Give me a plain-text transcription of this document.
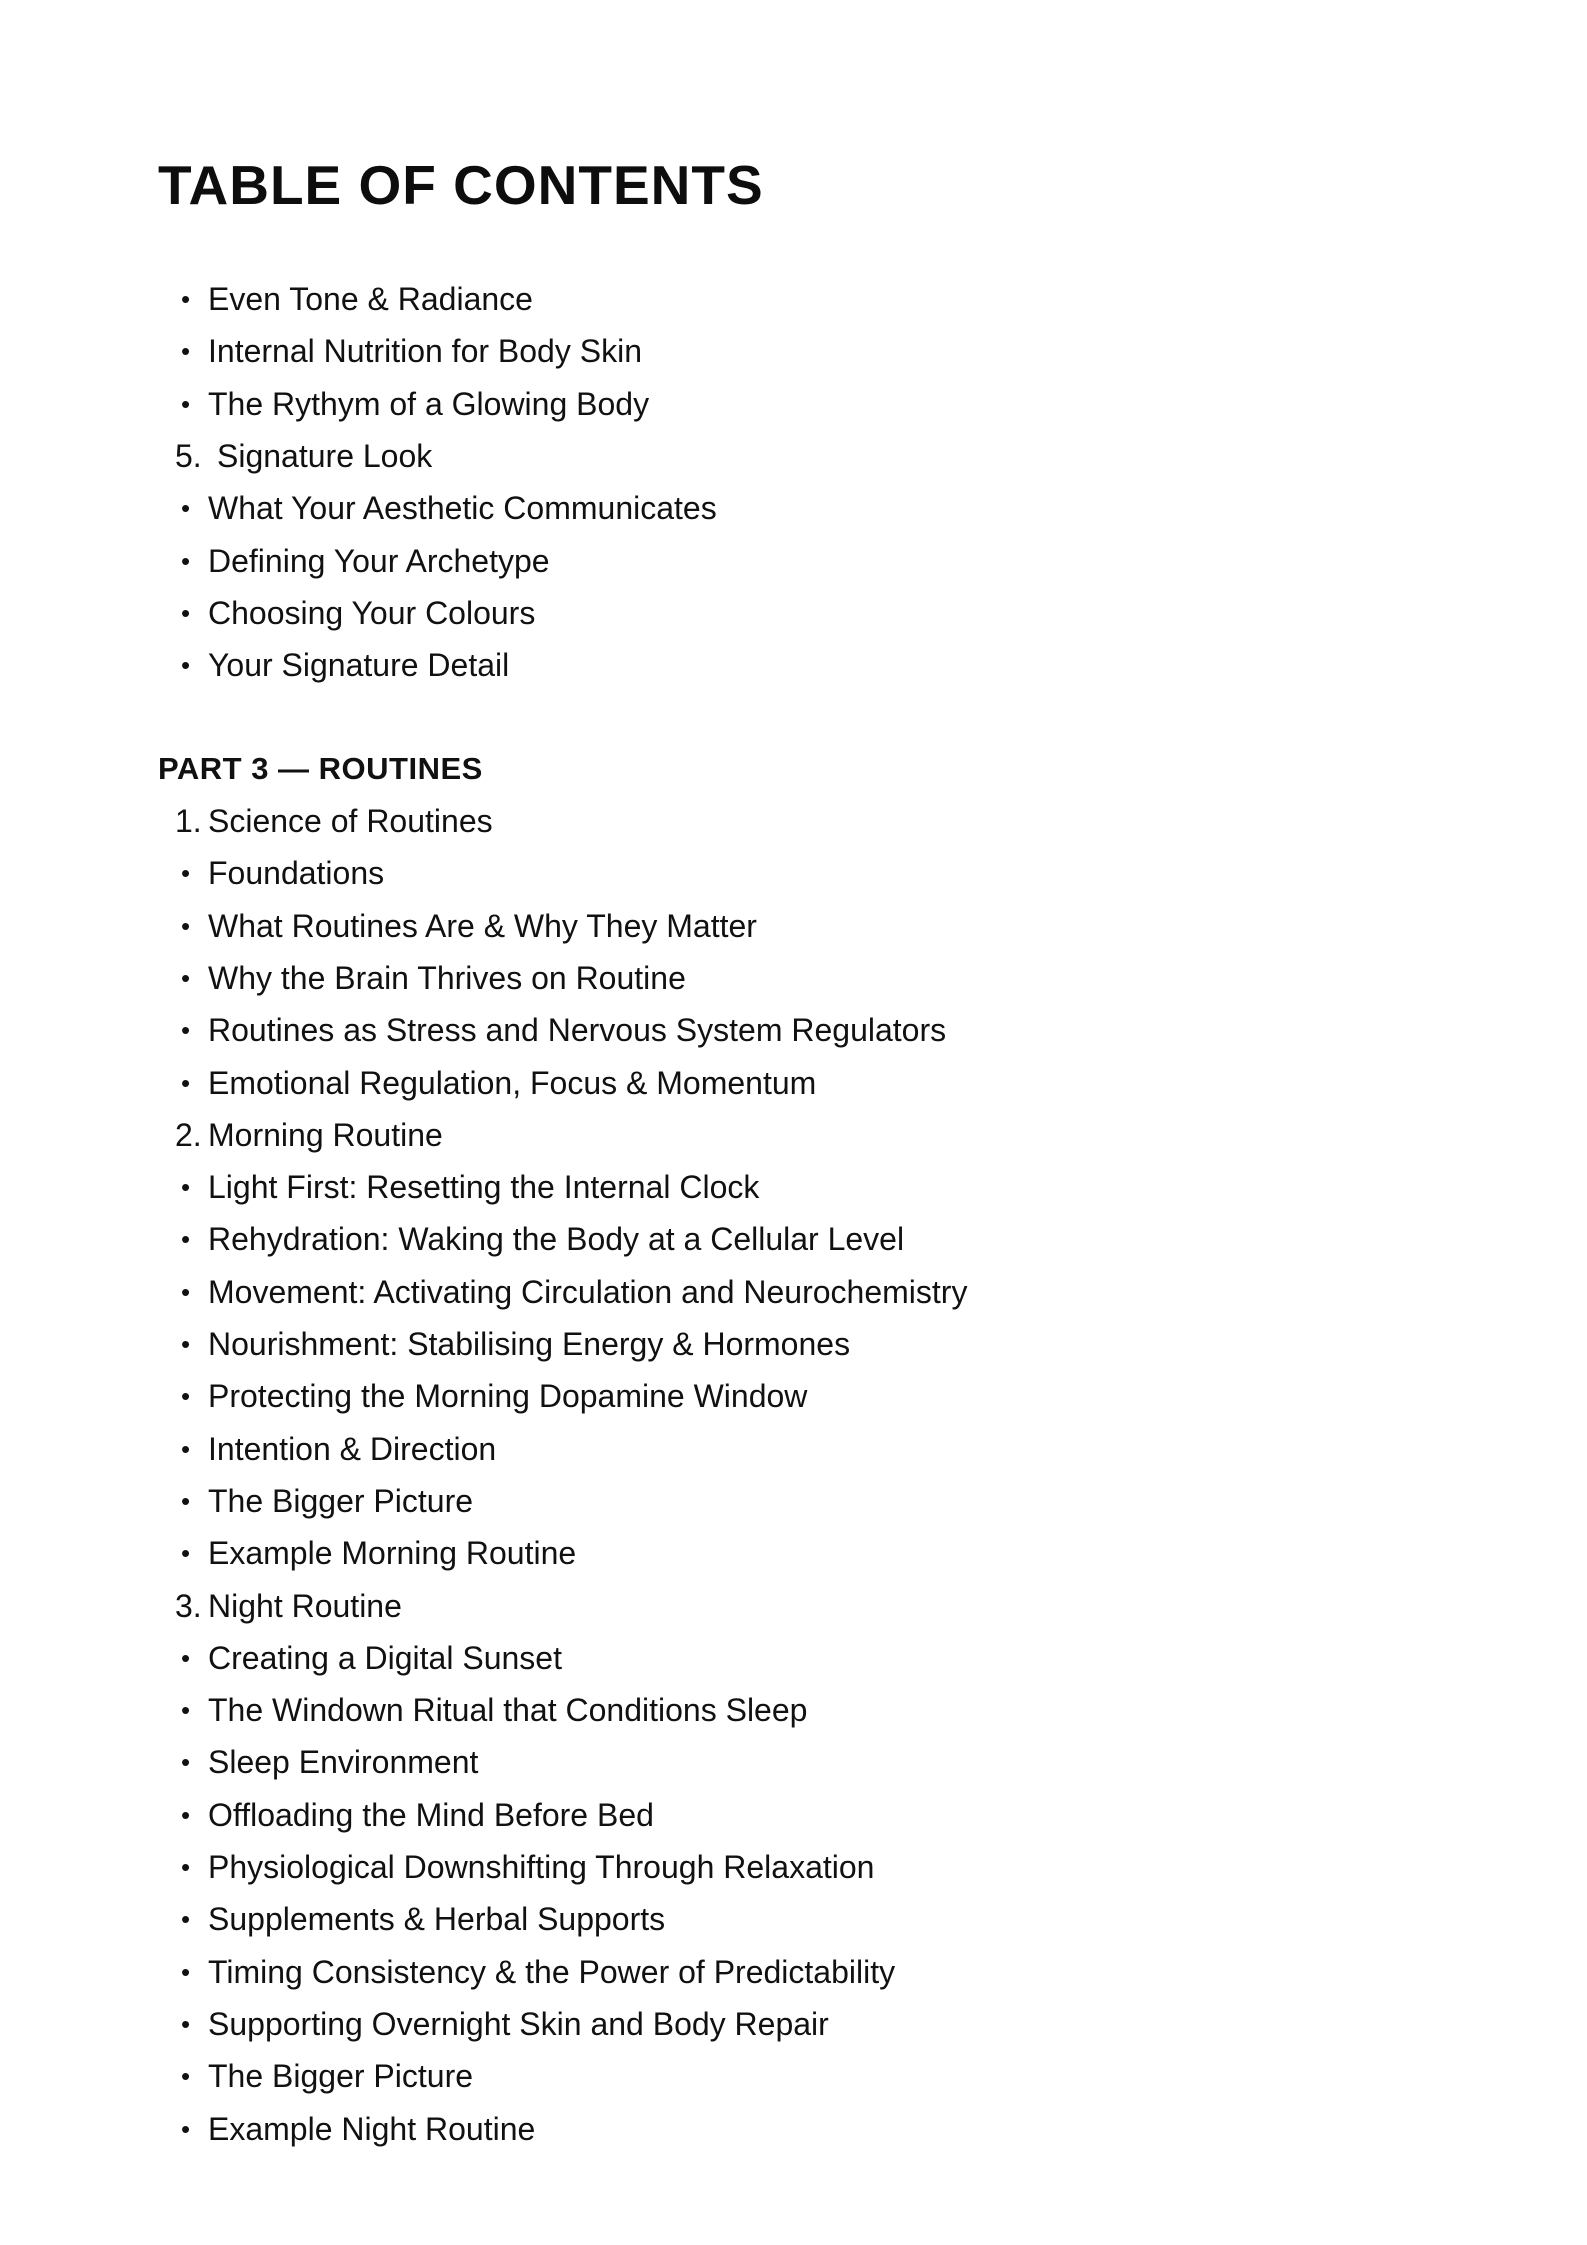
TABLE OF CONTENTS
PART 3 — ROUTINES
• Even Tone & Radiance
• Internal Nutrition for Body Skin
• The Rythym of a Glowing Body
5. Signature Look
• What Your Aesthetic Communicates
• Defining Your Archetype
• Choosing Your Colours
• Your Signature Detail
1. Science of Routines
• Foundations
• What Routines Are & Why They Matter
• Why the Brain Thrives on Routine
• Routines as Stress and Nervous System Regulators
• Emotional Regulation, Focus & Momentum
2. Morning Routine
• Light First: Resetting the Internal Clock
• Rehydration: Waking the Body at a Cellular Level
• Movement: Activating Circulation and Neurochemistry
• Nourishment: Stabilising Energy & Hormones
• Protecting the Morning Dopamine Window
• Intention & Direction
• The Bigger Picture
• Example Morning Routine
3. Night Routine
• Creating a Digital Sunset
• The Windown Ritual that Conditions Sleep
• Sleep Environment
• Offloading the Mind Before Bed
• Physiological Downshifting Through Relaxation
• Supplements & Herbal Supports
• Timing Consistency & the Power of Predictability
• Supporting Overnight Skin and Body Repair
• The Bigger Picture
• Example Night Routine
